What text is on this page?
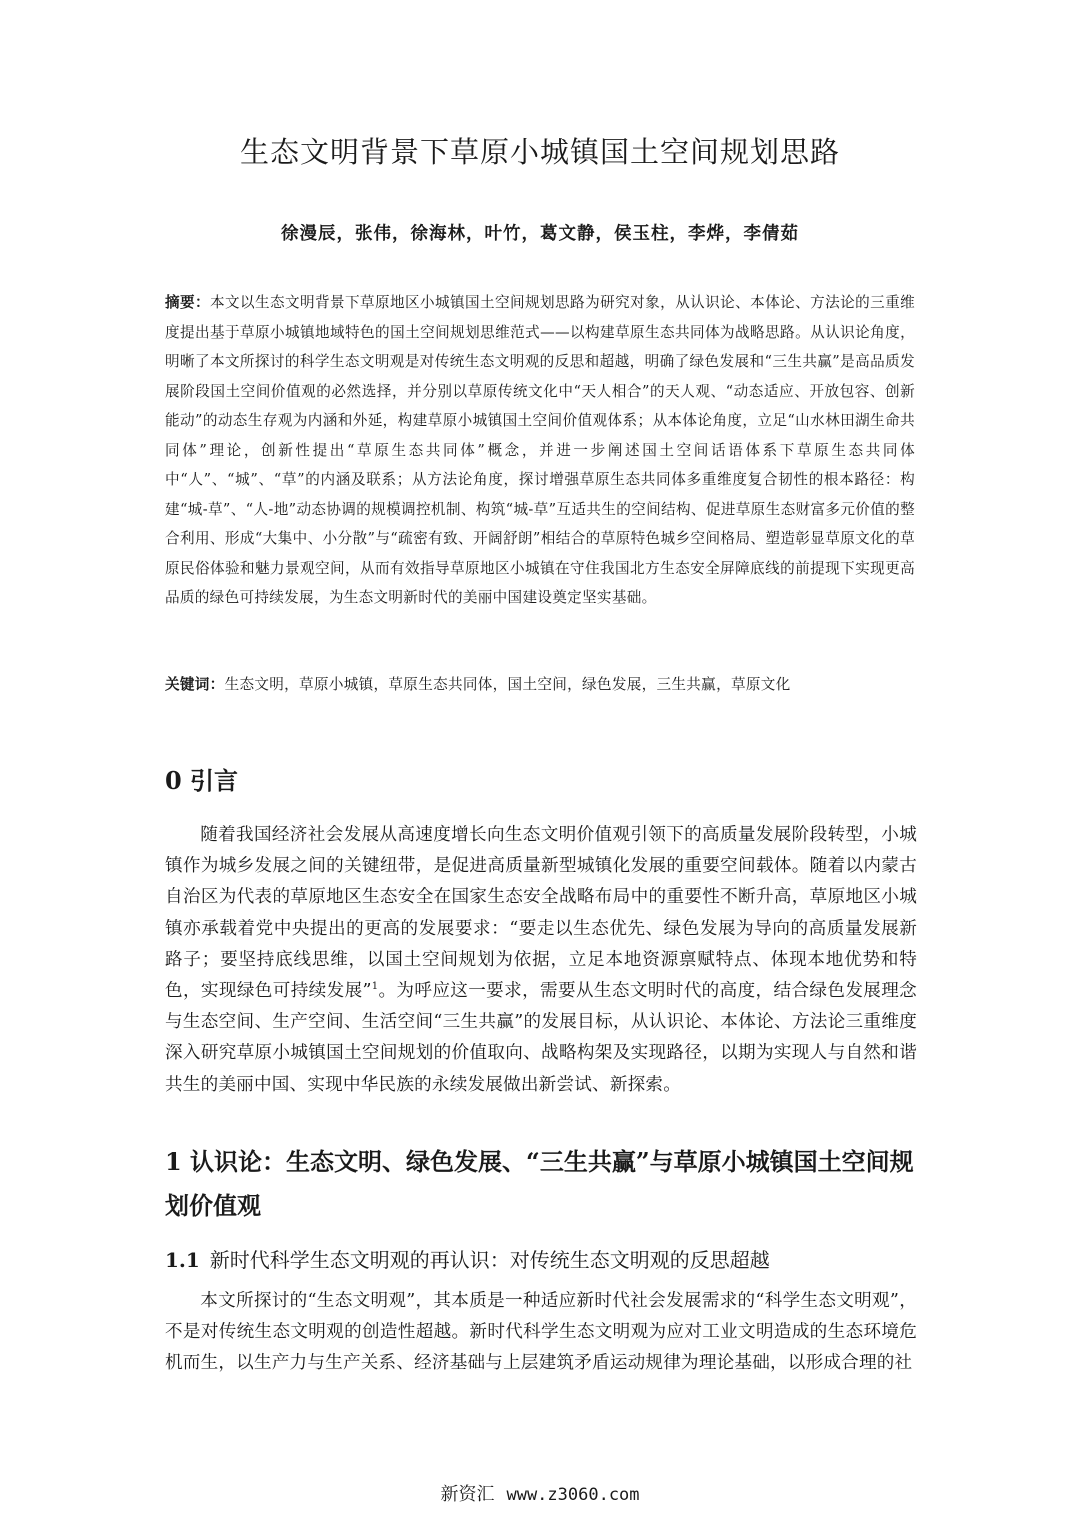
生态文明背景下草原小城镇国土空间规划思路
徐漫辰，张伟，徐海林，叶竹，葛文静，侯玉柱，李烨，李倩茹
摘要：本文以生态文明背景下草原地区小城镇国土空间规划思路为研究对象，从认识论、本体论、方法论的三重维度提出基于草原小城镇地域特色的国土空间规划思维范式——以构建草原生态共同体为战略思路。从认识论角度，明晰了本文所探讨的科学生态文明观是对传统生态文明观的反思和超越，明确了绿色发展和“三生共赢”是高品质发展阶段国土空间价值观的必然选择，并分别以草原传统文化中“天人相合”的天人观、“动态适应、开放包容、创新能动”的动态生存观为内涵和外延，构建草原小城镇国土空间价值观体系；从本体论角度，立足“山水林田湖生命共同体”理论，创新性提出“草原生态共同体”概念，并进一步阐述国土空间话语体系下草原生态共同体中“人”、“城”、“草”的内涵及联系；从方法论角度，探讨增强草原生态共同体多重维度复合韧性的根本路径：构建“城-草”、“人-地”动态协调的规模调控机制、构筑“城-草”互适共生的空间结构、促进草原生态财富多元价值的整合利用、形成“大集中、小分散”与“疏密有致、开阔舒朗”相结合的草原特色城乡空间格局、塑造彰显草原文化的草原民俗体验和魅力景观空间，从而有效指导草原地区小城镇在守住我国北方生态安全屏障底线的前提现下实现更高品质的绿色可持续发展，为生态文明新时代的美丽中国建设奠定坚实基础。
关键词：生态文明，草原小城镇，草原生态共同体，国土空间，绿色发展，三生共赢，草原文化
0 引言

随着我国经济社会发展从高速度增长向生态文明价值观引领下的高质量发展阶段转型，小城镇作为城乡发展之间的关键纽带，是促进高质量新型城镇化发展的重要空间载体。随着以内蒙古自治区为代表的草原地区生态安全在国家生态安全战略布局中的重要性不断升高，草原地区小城镇亦承载着党中央提出的更高的发展要求：“要走以生态优先、绿色发展为导向的高质量发展新路子；要坚持底线思维，以国土空间规划为依据，立足本地资源禀赋特点、体现本地优势和特色，实现绿色可持续发展”$^1$。为呼应这一要求，需要从生态文明时代的高度，结合绿色发展理念与生态空间、生产空间、生活空间“三生共赢”的发展目标，从认识论、本体论、方法论三重维度深入研究草原小城镇国土空间规划的价值取向、战略构架及实现路径，以期为实现人与自然和谐共生的美丽中国、实现中华民族的永续发展做出新尝试、新探索。

1 认识论：生态文明、绿色发展、“三生共赢”与草原小城镇国土空间规划价值观
1.1 新时代科学生态文明观的再认识：对传统生态文明观的反思超越

本文所探讨的“生态文明观”，其本质是一种适应新时代社会发展需求的“科学生态文明观”，不是对传统生态文明观的创造性超越。新时代科学生态文明观为应对工业文明造成的生态环境危机而生，以生产力与生产关系、经济基础与上层建筑矛盾运动规律为理论基础，以形成合理的社

新资汇 www.z3060.com
